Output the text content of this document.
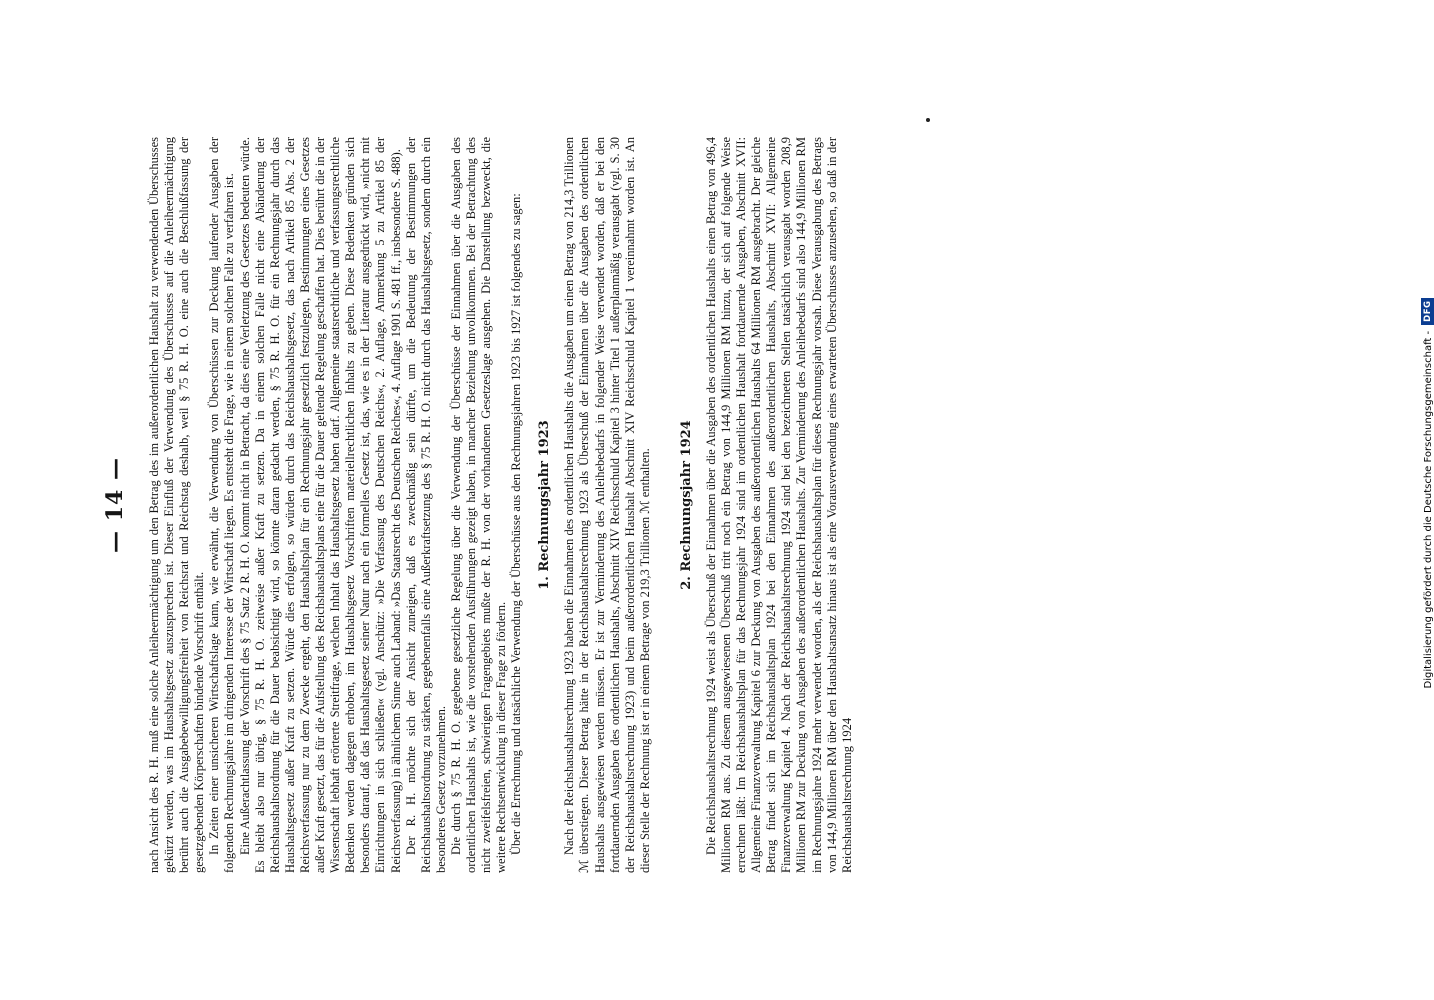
— 14 —	nach Ansicht des R. H. muß eine solche Anleiheermächtigung um den Betrag des im außerordentlichen Haushalt zu verwendenden Überschusses gekürzt werden, was im Haushaltsgesetz auszusprechen ist. Dieser Einfluß der Verwendung des Überschusses auf die Anleiheermächtigung berührt auch die Ausgabebewilligungsfreiheit von Reichsrat und Reichstag deshalb, weil § 75 R. H. O. eine auch die Beschlußfassung der gesetzgebenden Körperschaften bindende Vorschrift enthält. In Zeiten einer unsicheren Wirtschaftslage kann, wie erwähnt, die Verwendung von Überschüssen zur Deckung laufender Ausgaben der folgenden Rechnungsjahre im dringenden Interesse der Wirtschaft liegen. Es entsteht die Frage, wie in einem solchen Falle zu verfahren ist. Eine Außerachtlassung der Vorschrift des § 75 Satz 2 R. H. O. kommt nicht in Betracht, da dies eine Verletzung des Gesetzes bedeuten würde. Es bleibt also nur übrig, § 75 R. H. O. zeitweise außer Kraft zu setzen. Da in einem solchen Falle nicht eine Abänderung der Reichshaushaltsordnung für die Dauer beabsichtigt wird, so könnte daran gedacht werden, § 75 R. H. O. für ein Rechnungsjahr durch das Haushaltsgesetz außer Kraft zu setzen. Würde dies erfolgen, so würden durch das Reichshaushaltsgesetz, das nach Artikel 85 Abs. 2 der Reichsverfassung nur zu dem Zwecke ergeht, den Haushaltsplan für ein Rechnungsjahr gesetzlich festzulegen, Bestimmungen eines Gesetzes außer Kraft gesetzt, das für die Aufstellung des Reichshaushaltsplans eine für die Dauer geltende Regelung geschaffen hat. Dies berührt die in der Wissenschaft lebhaft erörterte Streitfrage, welchen Inhalt das Haushaltsgesetz haben darf. Allgemeine staatsrechtliche und verfassungsrechtliche Bedenken werden dagegen erhoben, im Haushaltsgesetz Vorschriften materiellrechtlichen Inhalts zu geben. Diese Bedenken gründen sich besonders darauf, daß das Haushaltsgesetz seiner Natur nach ein formelles Gesetz ist, das, wie es in der Literatur ausgedrückt wird, »nicht mit Einrichtungen in sich schließen« (vgl. Anschütz: »Die Verfassung des Deutschen Reichs«, 2. Auflage, Anmerkung 5 zu Artikel 85 der Reichsverfassung) in ähnlichem Sinne auch Laband: »Das Staatsrecht des Deutschen Reiches«, 4. Auflage 1901 S. 481 ff., insbesondere S. 488). Der R. H. möchte sich der Ansicht zuneigen, daß es zweckmäßig sein dürfte, um die Bedeutung der Bestimmungen der Reichshaushaltsordnung zu stärken, gegebenenfalls eine Außerkraftsetzung des § 75 R. H. O. nicht durch das Haushaltsgesetz, sondern durch ein besonderes Gesetz vorzunehmen. Die durch § 75 R. H. O. gegebene gesetzliche Regelung über die Verwendung der Überschüsse der Einnahmen über die Ausgaben des ordentlichen Haushalts ist, wie die vorstehenden Ausführungen gezeigt haben, in mancher Beziehung unvollkommen. Bei der Betrachtung des nicht zweifelsfreien, schwierigen Fragengebiets mußte der R. H. von der vorhandenen Gesetzeslage ausgehen. Die Darstellung bezweckt, die weitere Rechtsentwicklung in dieser Frage zu fördern. Über die Errechnung und tatsächliche Verwendung der Überschüsse aus den Rechnungsjahren 1923 bis 1927 ist folgendes zu sagen: 1. Rechnungsjahr 1923 Nach der Reichshaushaltsrechnung 1923 haben die Einnahmen des ordentlichen Haushalts die Ausgaben um einen Betrag von 214,3 Trillionen ℳ überstiegen. Dieser Betrag hätte in der Reichshaushaltsrechnung 1923 als Überschuß der Einnahmen über die Ausgaben des ordentlichen Haushalts ausgewiesen werden müssen. Er ist zur Verminderung des Anleihebedarfs in folgender Weise verwendet worden, daß er bei den fortdauernden Ausgaben des ordentlichen Haushalts, Abschnitt XIV Reichsschuld Kapitel 3 hinter Titel 1 außerplanmäßig verausgabt (vgl. S. 30 der Reichshaushaltsrechnung 1923) und beim außerordentlichen Haushalt Abschnitt XIV Reichsschuld Kapitel 1 vereinnahmt worden ist. An dieser Stelle der Rechnung ist er in einem Betrage von 219,3 Trillionen ℳ enthalten. 2. Rechnungsjahr 1924 Die Reichshaushaltsrechnung 1924 weist als Überschuß der Einnahmen über die Ausgaben des ordentlichen Haushalts einen Betrag von 496,4 Millionen RM aus. Zu diesem ausgewiesenen Überschuß tritt noch ein Betrag von 144,9 Millionen RM hinzu, der sich auf folgende Weise errechnen läßt: Im Reichshaushaltsplan für das Rechnungsjahr 1924 sind im ordentlichen Haushalt fortdauernde Ausgaben, Abschnitt XVII: Allgemeine Finanzverwaltung Kapitel 6 zur Deckung von Ausgaben des außerordentlichen Haushalts 64 Millionen RM ausgebracht. Der gleiche Betrag findet sich im Reichshaushaltsplan 1924 bei den Einnahmen des außerordentlichen Haushalts, Abschnitt XVII: Allgemeine Finanzverwaltung Kapitel 4. Nach der Reichshaushaltsrechnung 1924 sind bei den bezeichneten Stellen tatsächlich verausgabt worden 208,9 Millionen RM zur Deckung von Ausgaben des außerordentlichen Haushalts. Zur Verminderung des Anleihebedarfs sind also 144,9 Millionen RM im Rechnungsjahre 1924 mehr verwendet worden, als der Reichshaushaltsplan für dieses Rechnungsjahr vorsah. Diese Verausgabung des Betrags von 144,9 Millionen RM über den Haushaltsansatz hinaus ist als eine Vorausverwendung eines erwarteten Überschusses anzusehen, so daß in der Reichshaushaltsrechnung 1924

Digitalisierung gefördert durch die Deutsche Forschungsgemeinschaft -
DFG
